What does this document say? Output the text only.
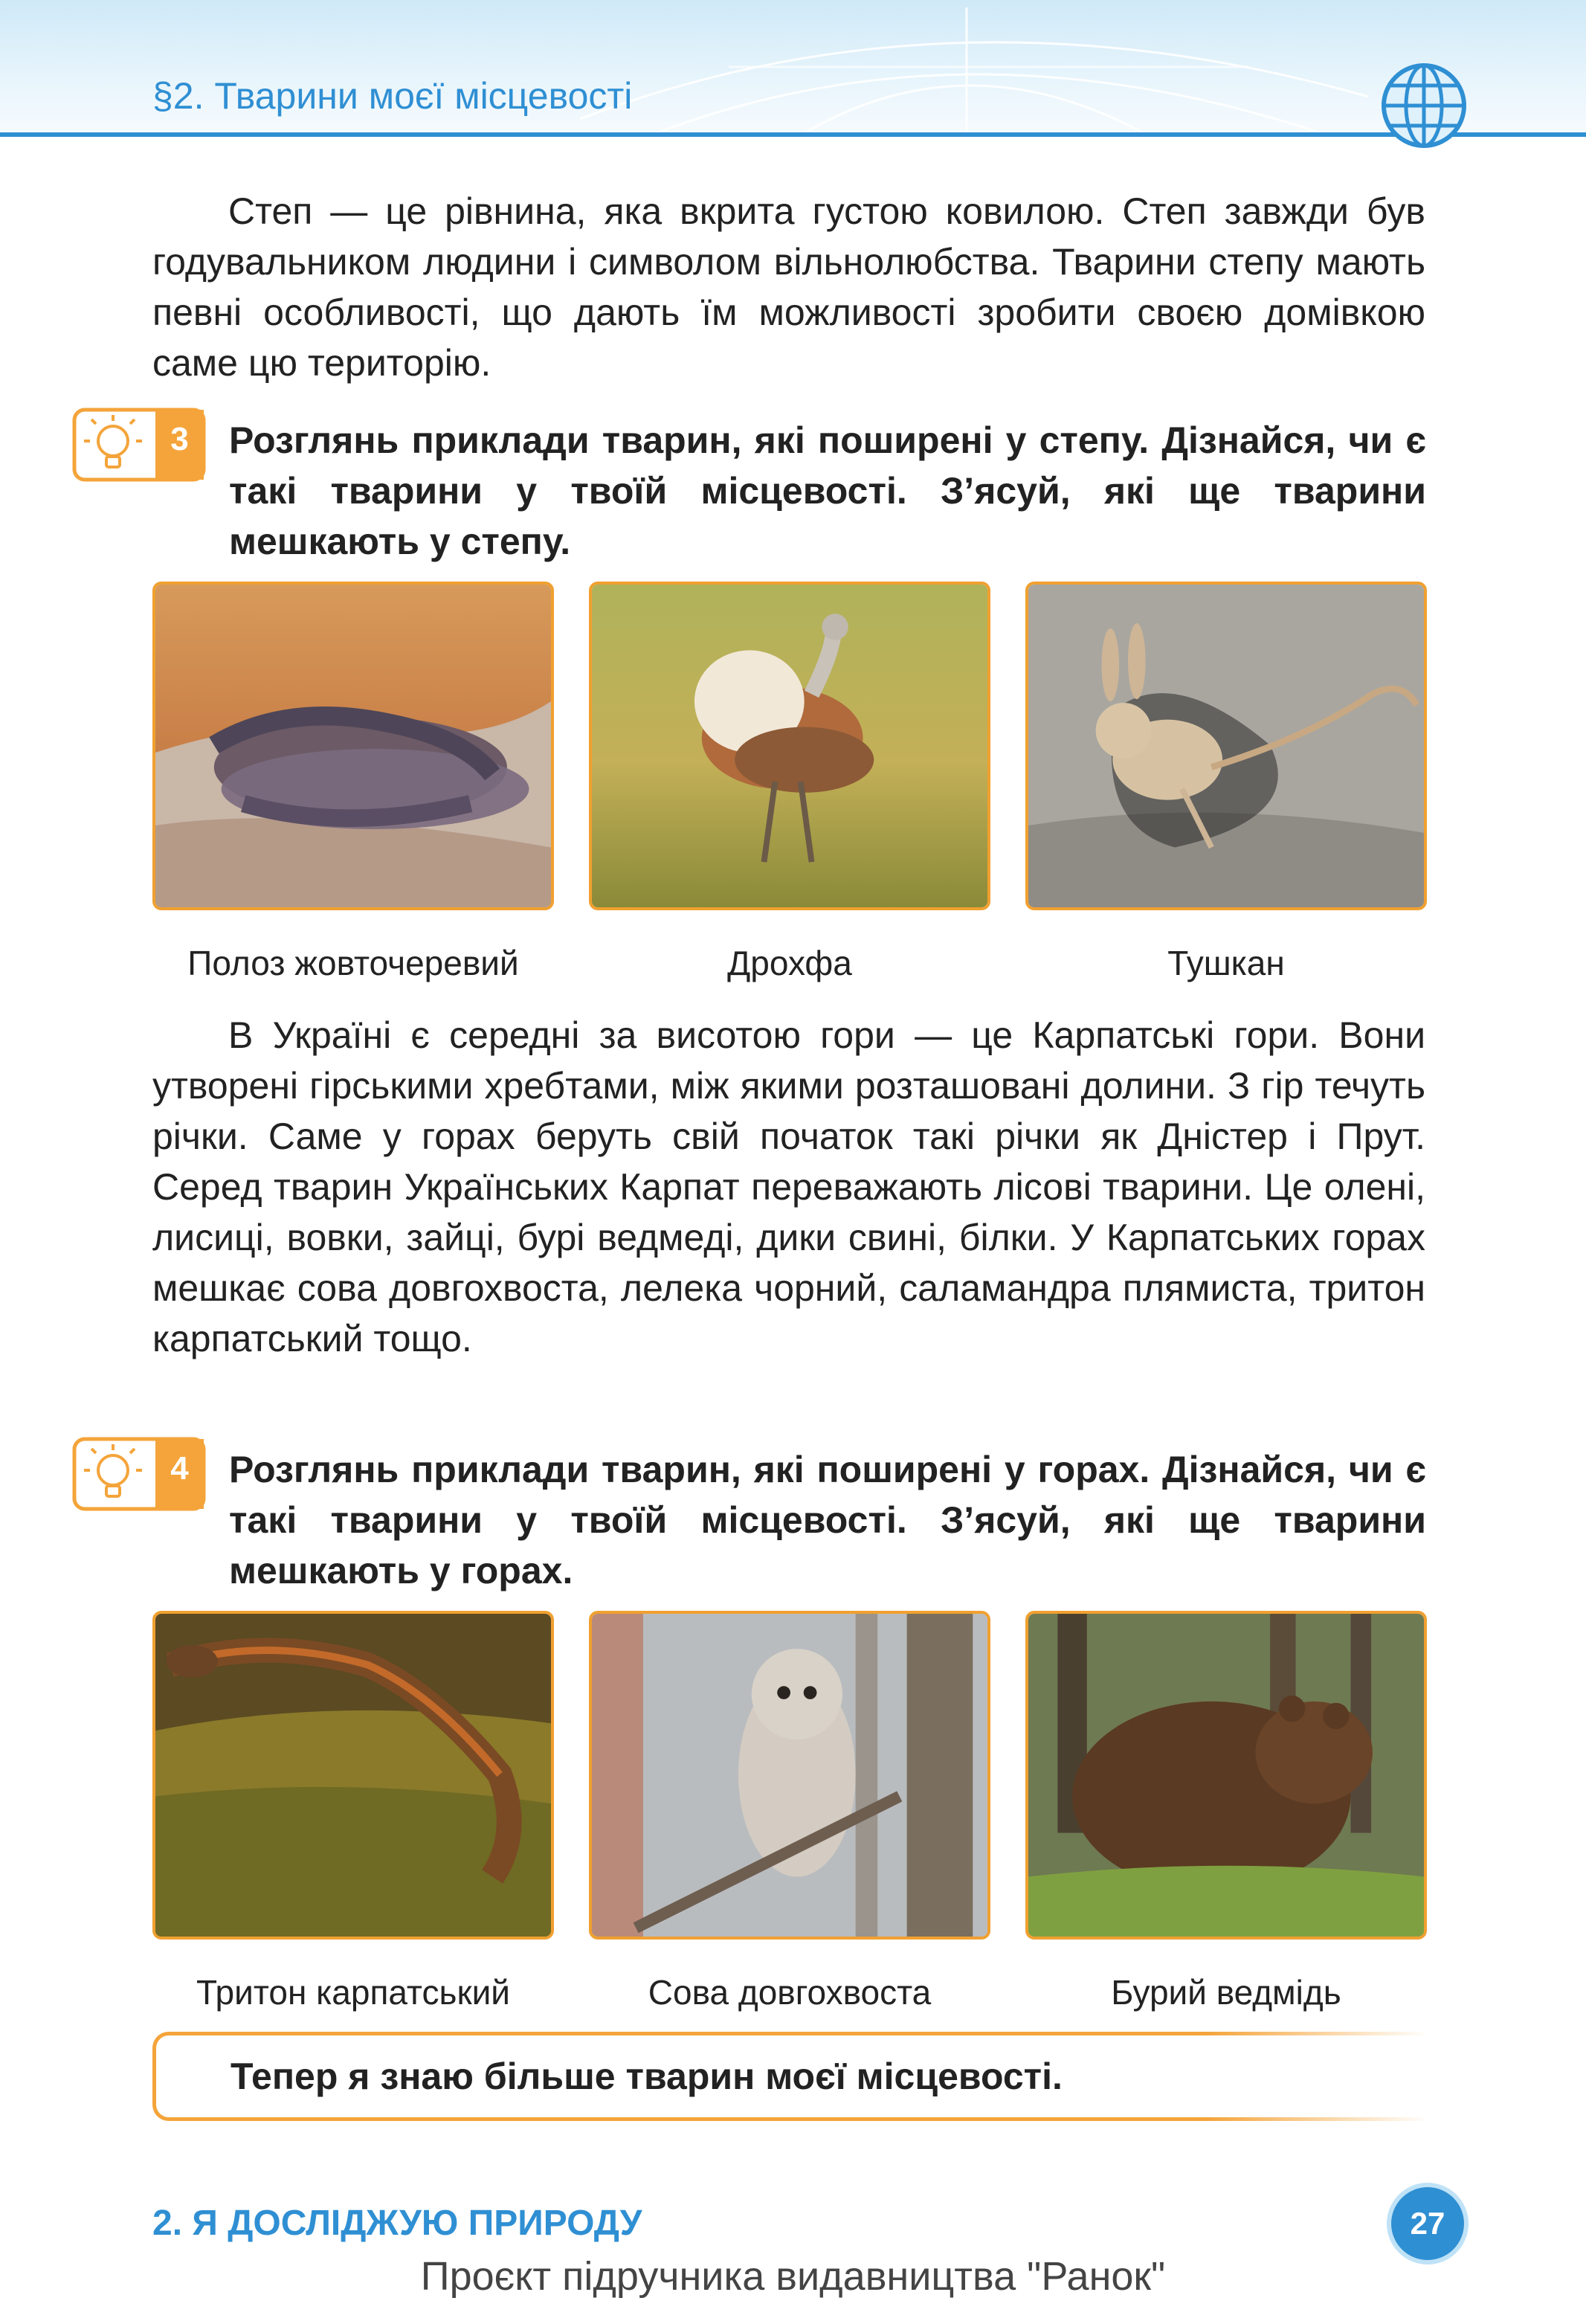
§2. Тварини моєї місцевості

Степ — це рівнина, яка вкрита густою ковилою. Степ завжди був годувальником людини і символом вільнолюбства. Тварини степу мають певні особливості, що дають їм можливості зробити своєю домівкою саме цю територію.

3	Розглянь приклади тварин, які поширені у степу. Дізнайся, чи є такі тварини у твоїй місцевості. З’ясуй, які ще тварини мешкають у степу.

Полоз жовточеревий	Дрохфа	Тушкан

В Україні є середні за висотою гори — це Карпатські гори. Вони утворені гірськими хребтами, між якими розташовані долини. З гір течуть річки. Саме у горах беруть свій початок такі річки як Дністер і Прут. Серед тварин Українських Карпат переважають лісові тварини. Це олені, лисиці, вовки, зайці, бурі ведмеді, дики свині, білки. У Карпатських горах мешкає сова довгохвоста, лелека чорний, саламандра плямиста, тритон карпатський тощо.

4	Розглянь приклади тварин, які поширені у горах. Дізнайся, чи є такі тварини у твоїй місцевості. З’ясуй, які ще тварини мешкають у горах.

Тритон карпатський	Сова довгохвоста	Бурий ведмідь
Тепер я знаю більше тварин моєї місцевості.
2. Я ДОСЛІДЖУЮ ПРИРОДУ	27
Проєкт підручника видавництва "Ранок"
